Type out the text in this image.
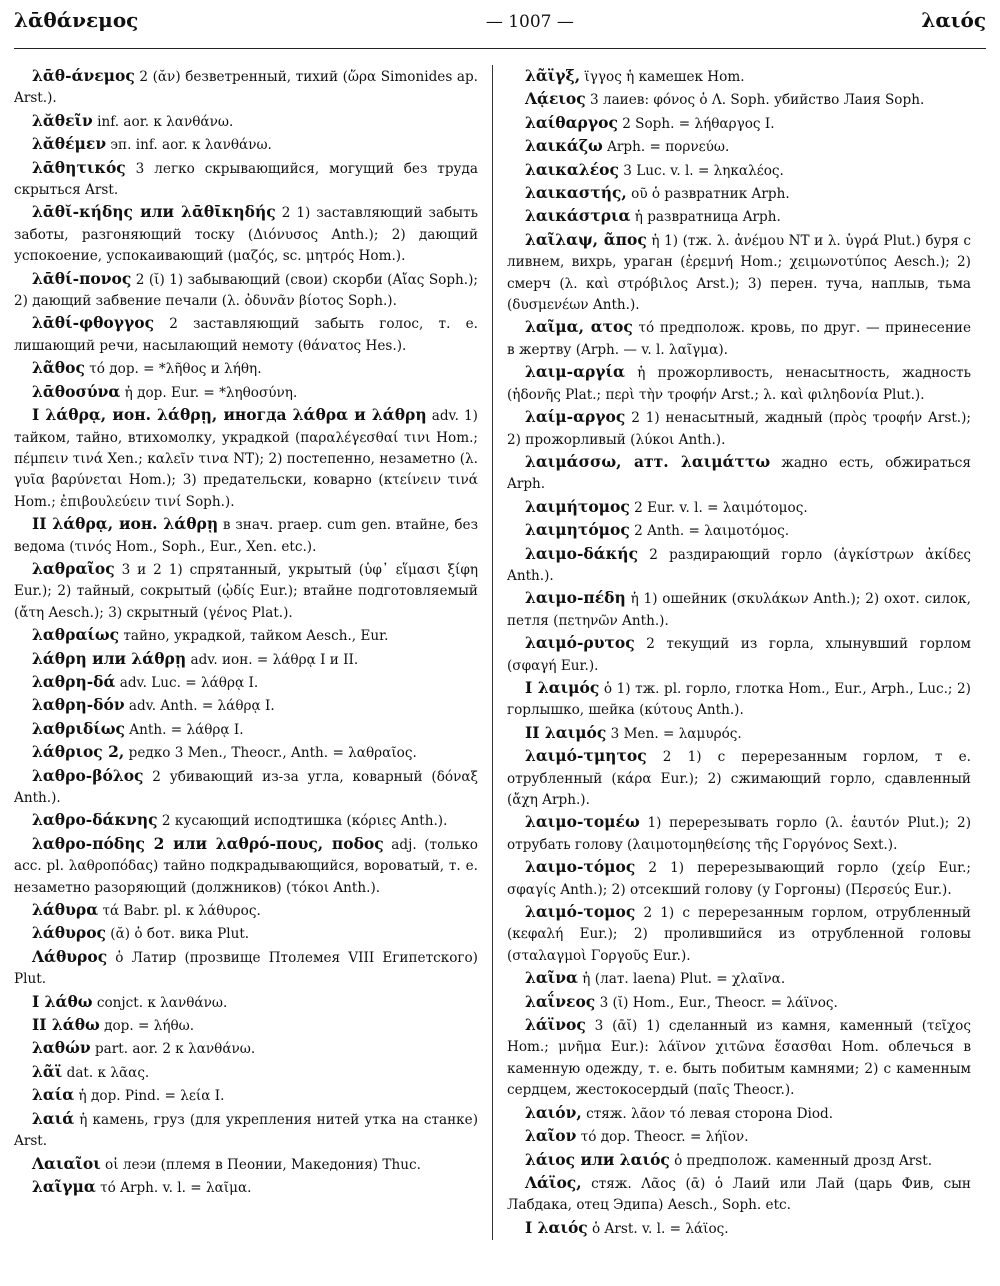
λᾱθάνεμος	— 1007 —	λαιός

λᾱθ-άνεμος 2 (ᾰν) безветренный, тихий (ὥρα Simonides ap. Arst.).

λᾰθεῖν inf. aor. к λανθάνω.

λᾰθέμεν эп. inf. aor. к λανθάνω.

λᾱθητικός 3 легко скрывающийся, могущий без труда скрыться Arst.

λᾱθῐ-κήδης или λᾱθῑκηδής 2 1) заставляющий забыть заботы, разгоняющий тоску (Διόνυσος Anth.); 2) дающий успокоение, успокаивающий (μαζός, sc. μητρός Hom.).

λᾱθί-πονος 2 (ῐ) 1) забывающий (свои) скорби (Αἴας Soph.); 2) дающий забвение печали (λ. ὀδυνᾶν βίοτος Soph.).

λᾱθί-φθογγος 2 заставляющий забыть голос, т. е. лишающий речи, насылающий немоту (θάνατος Hes.).

λᾶθος τό дор. = *λῆθος и λήθη.

λᾱθοσύνα ἡ дор. Eur. = *ληθοσύνη.

I λάθρᾳ, ион. λάθρῃ, иногда λάθρα и λάθρη adv. 1) тайком, тайно, втихомолку, украдкой (παραλέγεσθαί τινι Hom.; πέμπειν τινά Xen.; καλεῖν τινα NT); 2) постепенно, незаметно (λ. γυῖα βαρύνεται Hom.); 3) предательски, коварно (κτείνειν τινά Hom.; ἐπιβουλεύειν τινί Soph.).

II λάθρᾳ, ион. λάθρῃ в знач. praep. cum gen. втайне, без ведома (τινός Hom., Soph., Eur., Xen. etc.).

λαθραῖος 3 и 2 1) спрятанный, укрытый (ὑφ᾽ εἵμασι ξίφη Eur.); 2) тайный, сокрытый (ᾠδίς Eur.); втайне подготовляемый (ἄτη Aesch.); 3) скрытный (γένος Plat.).

λαθραίως тайно, украдкой, тайком Aesch., Eur.

λάθρη или λάθρῃ adv. ион. = λάθρᾳ I и II.

λαθρη-δά adv. Luc. = λάθρᾳ I.

λαθρη-δόν adv. Anth. = λάθρᾳ I.

λαθριδίως Anth. = λάθρᾳ I.

λάθριος 2, редко 3 Men., Theocr., Anth. = λαθραῖος.

λαθρο-βόλος 2 убивающий из-за угла, коварный (δόναξ Anth.).

λαθρο-δάκνης 2 кусающий исподтишка (κόριες Anth.).

λαθρο-πόδης 2 или λαθρό-πους, ποδος adj. (только acc. pl. λαθροπόδας) тайно подкрадывающийся, вороватый, т. е. незаметно разоряющий (должников) (τόκοι Anth.).

λάθυρα τά Babr. pl. к λάθυρος.

λάθυρος (ᾰ) ὁ бот. вика Plut.

Λάθυρος ὁ Латир (прозвище Птолемея VIII Египетского) Plut.

I λάθω conjct. к λανθάνω.

II λάθω дор. = λήθω.

λαθών part. aor. 2 к λανθάνω.

λᾶϊ dat. к λᾶας.

λαία ἡ дор. Pind. = λεία I.

λαιά ἡ камень, груз (для укрепления нитей утка на станке) Arst.

Λαιαῖοι οἱ леэи (племя в Пеонии, Македония) Thuc.

λαῖγμα τό Arph. v. l. = λαῖμα.

λᾶϊγξ, ϊγγος ἡ камешек Hom.

Λᾴειος 3 лаиев: φόνος ὁ Λ. Soph. убийство Лаия Soph.

λαίθαργος 2 Soph. = λήθαργος I.

λαικάζω Arph. = πορνεύω.

λαικαλέος 3 Luc. v. l. = ληκαλέος.

λαικαστής, οῦ ὁ развратник Arph.

λαικάστρια ἡ развратница Arph.

λαῖλαψ, ᾶπος ἡ 1) (тж. λ. ἀνέμου NT и λ. ὑγρά Plut.) буря с ливнем, вихрь, ураган (ἐρεμνή Hom.; χειμωνοτύπος Aesch.); 2) смерч (λ. καὶ στρόβιλος Arst.); 3) перен. туча, наплыв, тьма (δυσμενέων Anth.).

λαῖμα, ατος τό предполож. кровь, по друг. — принесение в жертву (Arph. — v. l. λαῖγμα).

λαιμ-αργία ἡ прожорливость, ненасытность, жадность (ἡδονῆς Plat.; περὶ τὴν τροφήν Arst.; λ. καὶ φιληδονία Plut.).

λαίμ-αργος 2 1) ненасытный, жадный (πρὸς τροφήν Arst.); 2) прожорливый (λύκοι Anth.).

λαιμάσσω, атт. λαιμάττω жадно есть, обжираться Arph.

λαιμήτομος 2 Eur. v. l. = λαιμότομος.

λαιμητόμος 2 Anth. = λαιμοτόμος.

λαιμο-δάκής 2 раздирающий горло (ἀγκίστρων ἀκίδες Anth.).

λαιμο-πέδη ἡ 1) ошейник (σκυλάκων Anth.); 2) охот. силок, петля (πετηνῶν Anth.).

λαιμό-ρυτος 2 текущий из горла, хлынувший горлом (σφαγή Eur.).

I λαιμός ὁ 1) тж. pl. горло, глотка Hom., Eur., Arph., Luc.; 2) горлышко, шейка (κύτους Anth.).

II λαιμός 3 Men. = λαμυρός.

λαιμό-τμητος 2 1) с перерезанным горлом, т е. отрубленный (κάρα Eur.); 2) сжимающий горло, сдавленный (ἄχη Arph.).

λαιμο-τομέω 1) перерезывать горло (λ. ἑαυτόν Plut.); 2) отрубать голову (λαιμοτομηθείσης τῆς Γοργόνος Sext.).

λαιμο-τόμος 2 1) перерезывающий горло (χείρ Eur.; σφαγίς Anth.); 2) отсекший голову (у Горгоны) (Περσεύς Eur.).

λαιμό-τομος 2 1) с перерезанным горлом, отрубленный (κεφαλή Eur.); 2) пролившийся из отрубленной головы (σταλαγμοὶ Γοργοῦς Eur.).

λαῖνα ἡ (лат. laena) Plut. = χλαῖνα.

λαΐνεος 3 (ῐ) Hom., Eur., Theocr. = λάϊνος.

λάϊνος 3 (ᾱῐ) 1) сделанный из камня, каменный (τεῖχος Hom.; μνῆμα Eur.): λάϊνον χιτῶνα ἕσασθαι Hom. облечься в каменную одежду, т. е. быть побитым камнями; 2) с каменным сердцем, жестокосердый (παῖς Theocr.).

λαιόν, стяж. λᾶον τό левая сторона Diod.

λαῖον τό дор. Theocr. = λήϊον.

λάιος или λαιός ὁ предполож. каменный дрозд Arst.

Λάϊος, стяж. Λᾶος (ᾱ) ὁ Лаий или Лай (царь Фив, сын Лабдака, отец Эдипа) Aesch., Soph. etc.

I λαιός ὁ Arst. v. l. = λάϊος.
